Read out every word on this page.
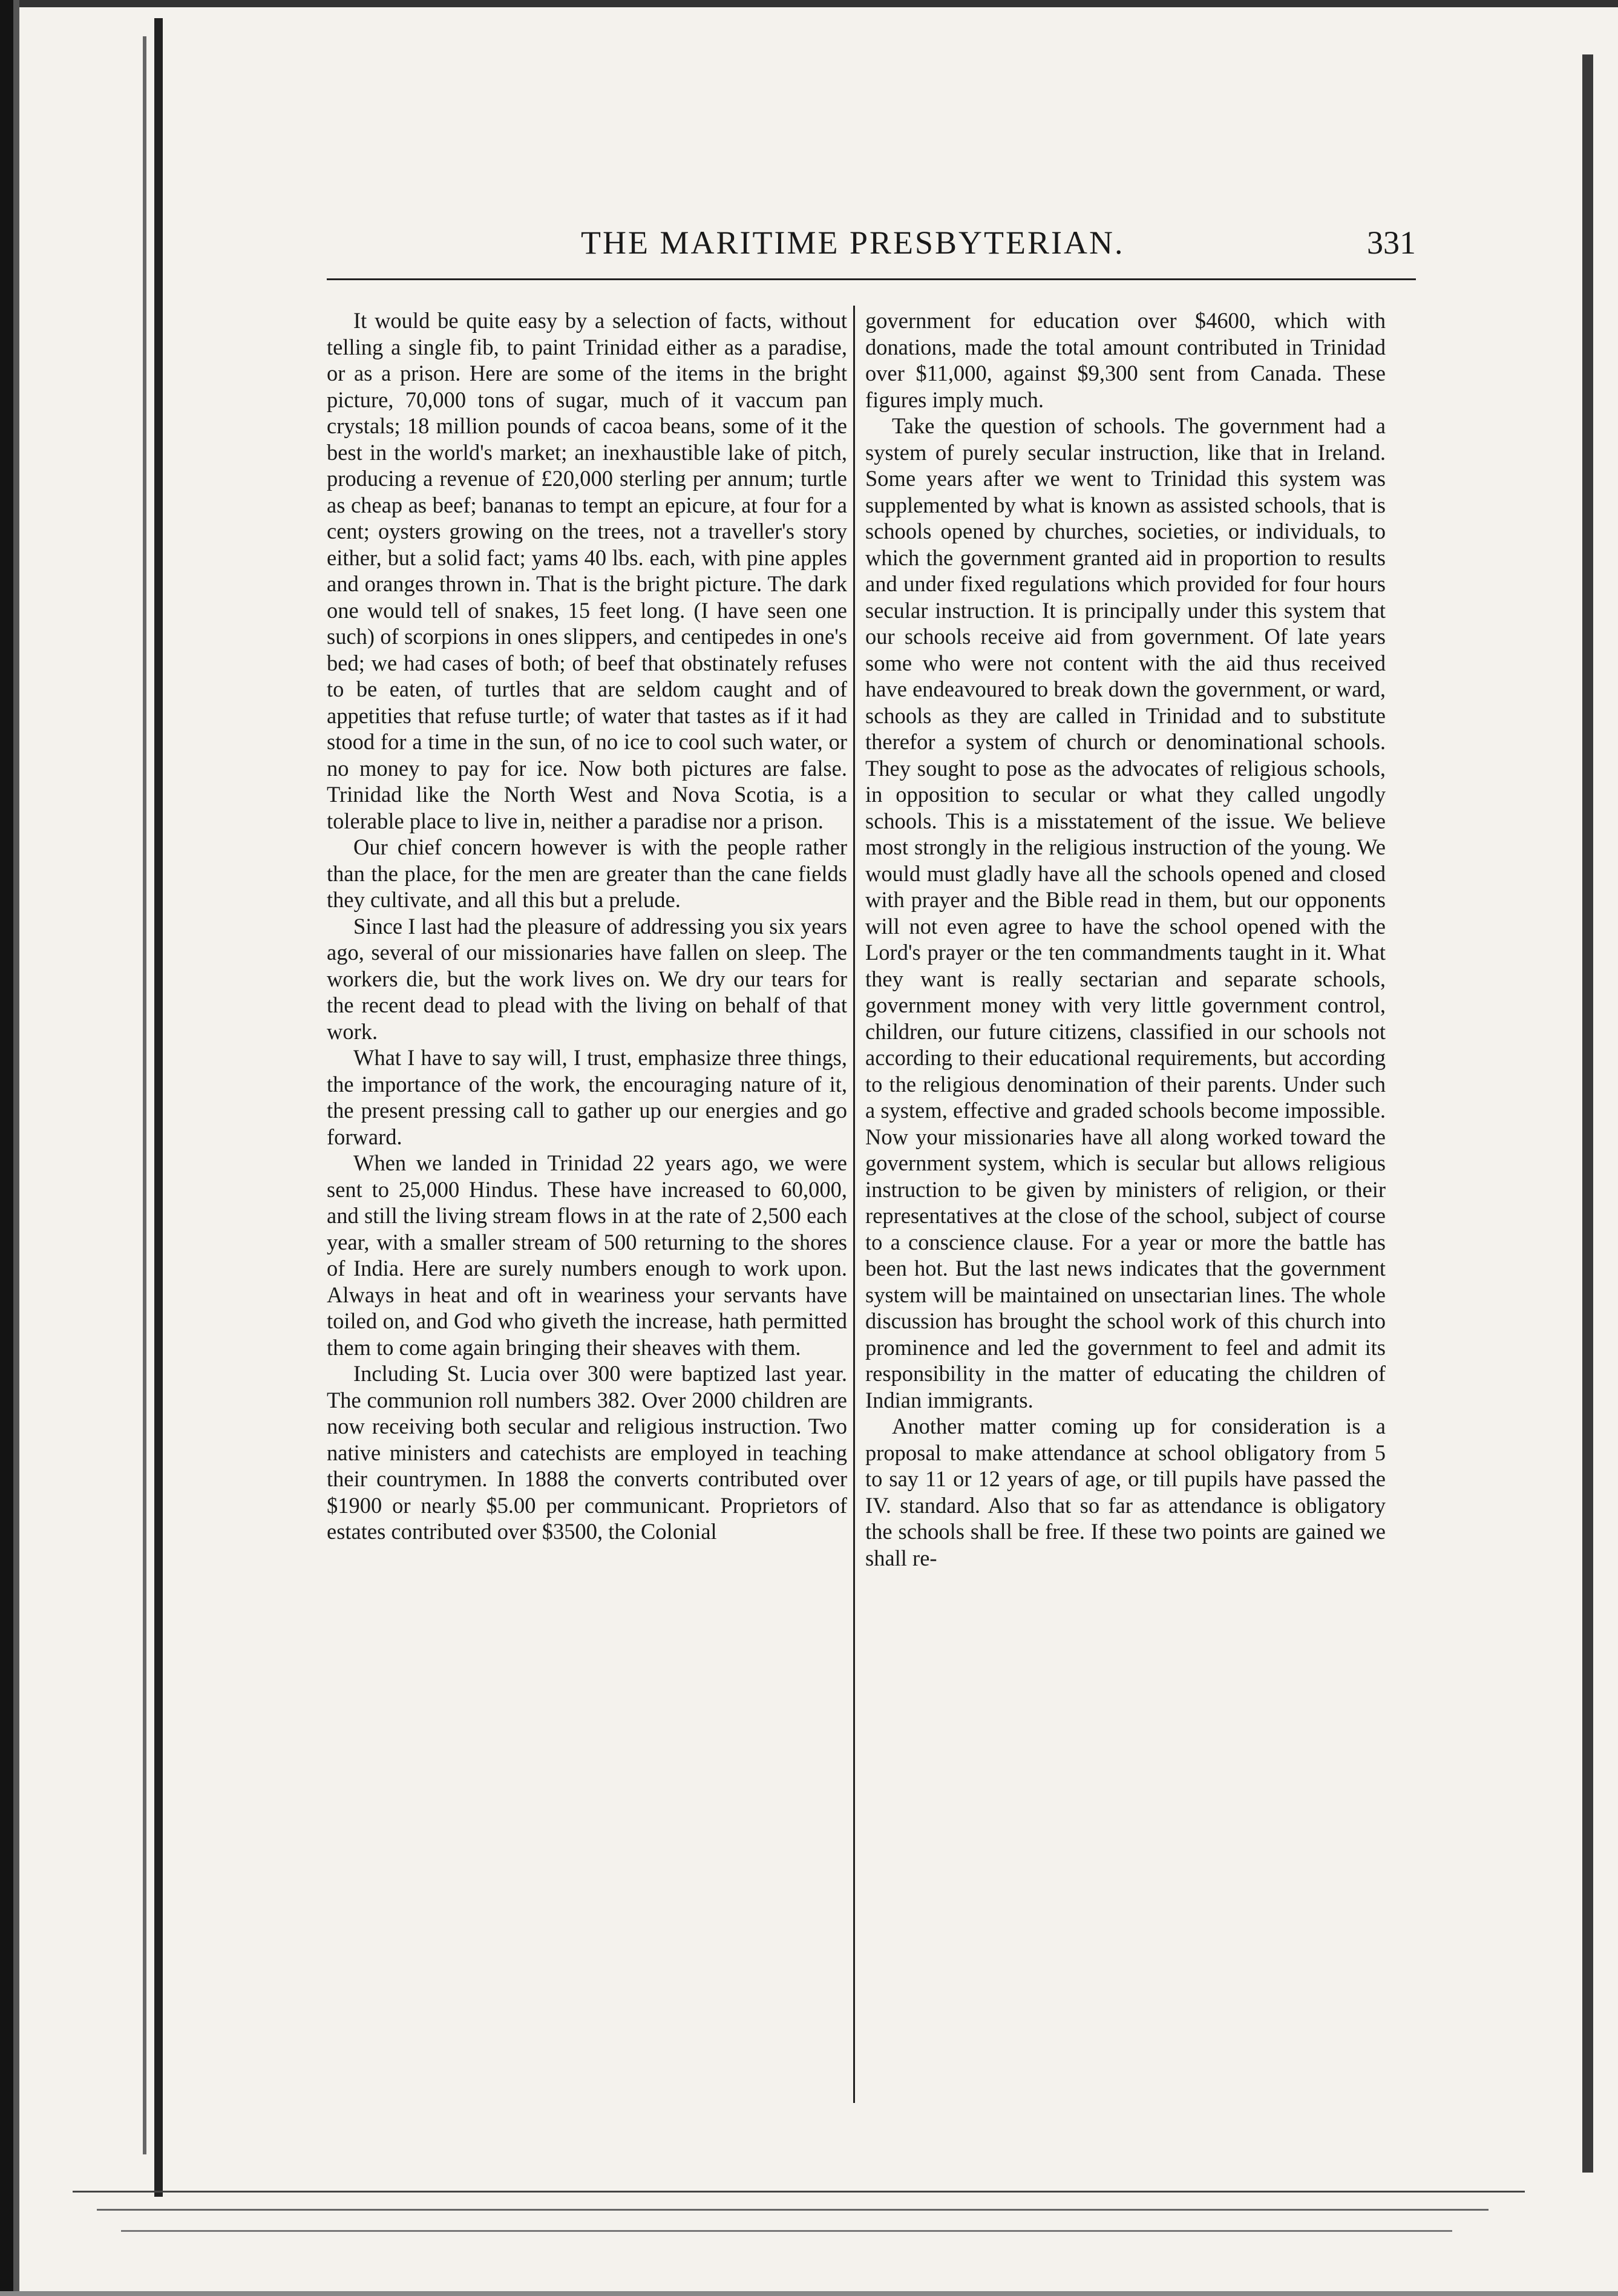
THE MARITIME PRESBYTERIAN.	331

It would be quite easy by a selection of facts, without telling a single fib, to paint Trinidad either as a paradise, or as a prison. Here are some of the items in the bright picture, 70,000 tons of sugar, much of it vaccum pan crystals; 18 million pounds of cacoa beans, some of it the best in the world's market; an inexhaustible lake of pitch, producing a revenue of £20,000 sterling per annum; turtle as cheap as beef; bananas to tempt an epicure, at four for a cent; oysters growing on the trees, not a traveller's story either, but a solid fact; yams 40 lbs. each, with pine apples and oranges thrown in. That is the bright picture. The dark one would tell of snakes, 15 feet long. (I have seen one such) of scorpions in ones slippers, and centipedes in one's bed; we had cases of both; of beef that obstinately refuses to be eaten, of turtles that are seldom caught and of appetities that refuse turtle; of water that tastes as if it had stood for a time in the sun, of no ice to cool such water, or no money to pay for ice. Now both pictures are false. Trinidad like the North West and Nova Scotia, is a tolerable place to live in, neither a paradise nor a prison.

Our chief concern however is with the people rather than the place, for the men are greater than the cane fields they cultivate, and all this but a prelude.

Since I last had the pleasure of addressing you six years ago, several of our missionaries have fallen on sleep. The workers die, but the work lives on. We dry our tears for the recent dead to plead with the living on behalf of that work.

What I have to say will, I trust, emphasize three things, the importance of the work, the encouraging nature of it, the present pressing call to gather up our energies and go forward.

When we landed in Trinidad 22 years ago, we were sent to 25,000 Hindus. These have increased to 60,000, and still the living stream flows in at the rate of 2,500 each year, with a smaller stream of 500 returning to the shores of India. Here are surely numbers enough to work upon. Always in heat and oft in weariness your servants have toiled on, and God who giveth the increase, hath permitted them to come again bringing their sheaves with them.

Including St. Lucia over 300 were baptized last year. The communion roll numbers 382. Over 2000 children are now receiving both secular and religious instruction. Two native ministers and catechists are employed in teaching their countrymen. In 1888 the converts contributed over $1900 or nearly $5.00 per communicant. Proprietors of estates contributed over $3500, the Colonial

government for education over $4600, which with donations, made the total amount contributed in Trinidad over $11,000, against $9,300 sent from Canada. These figures imply much.

Take the question of schools. The government had a system of purely secular instruction, like that in Ireland. Some years after we went to Trinidad this system was supplemented by what is known as assisted schools, that is schools opened by churches, societies, or individuals, to which the government granted aid in proportion to results and under fixed regulations which provided for four hours secular instruction. It is principally under this system that our schools receive aid from government. Of late years some who were not content with the aid thus received have endeavoured to break down the government, or ward, schools as they are called in Trinidad and to substitute therefor a system of church or denominational schools. They sought to pose as the advocates of religious schools, in opposition to secular or what they called ungodly schools. This is a misstatement of the issue. We believe most strongly in the religious instruction of the young. We would must gladly have all the schools opened and closed with prayer and the Bible read in them, but our opponents will not even agree to have the school opened with the Lord's prayer or the ten commandments taught in it. What they want is really sectarian and separate schools, government money with very little government control, children, our future citizens, classified in our schools not according to their educational requirements, but according to the religious denomination of their parents. Under such a system, effective and graded schools become impossible. Now your missionaries have all along worked toward the government system, which is secular but allows religious instruction to be given by ministers of religion, or their representatives at the close of the school, subject of course to a conscience clause. For a year or more the battle has been hot. But the last news indicates that the government system will be maintained on unsectarian lines. The whole discussion has brought the school work of this church into prominence and led the government to feel and admit its responsibility in the matter of educating the children of Indian immigrants.

Another matter coming up for consideration is a proposal to make attendance at school obligatory from 5 to say 11 or 12 years of age, or till pupils have passed the IV. standard. Also that so far as attendance is obligatory the schools shall be free. If these two points are gained we shall re-
